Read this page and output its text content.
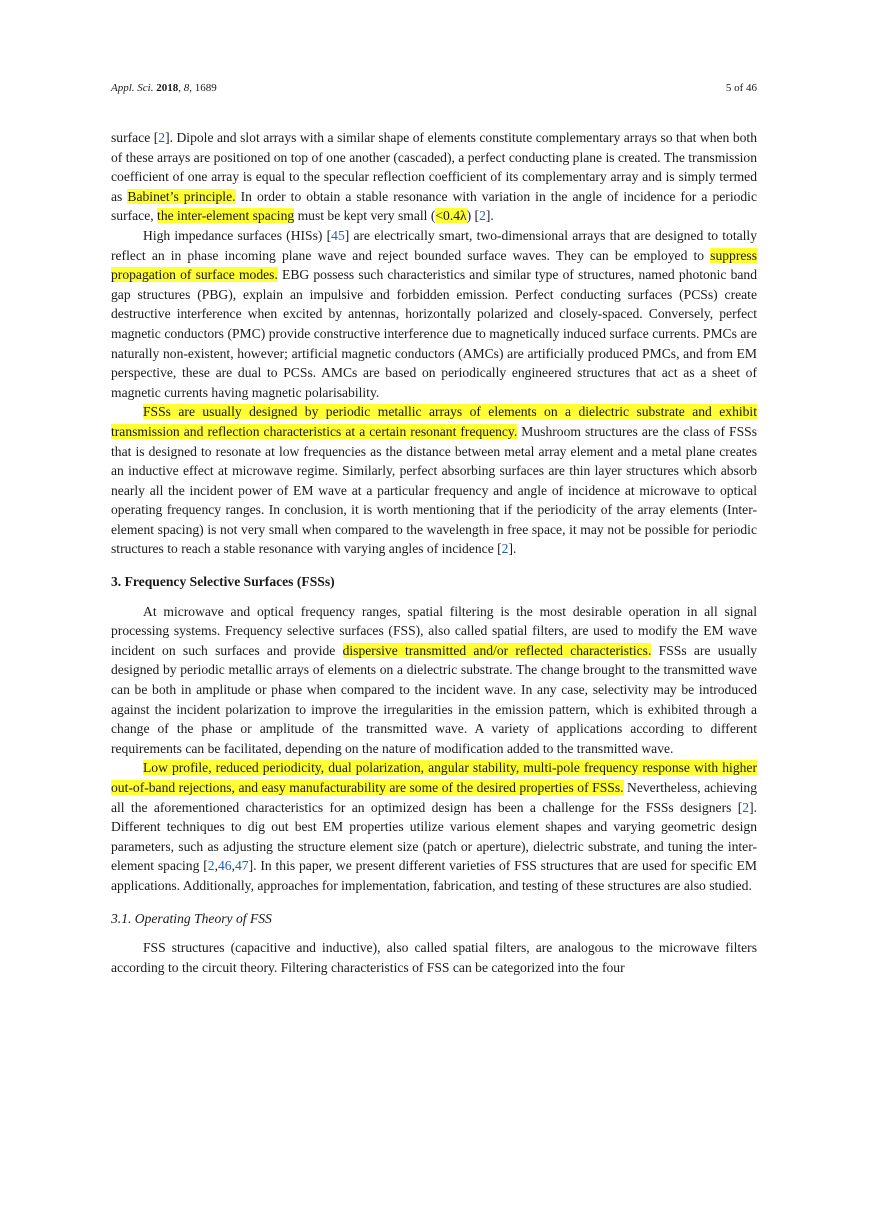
Appl. Sci. 2018, 8, 1689	5 of 46

surface [2]. Dipole and slot arrays with a similar shape of elements constitute complementary arrays so that when both of these arrays are positioned on top of one another (cascaded), a perfect conducting plane is created. The transmission coefficient of one array is equal to the specular reflection coefficient of its complementary array and is simply termed as Babinet’s principle. In order to obtain a stable resonance with variation in the angle of incidence for a periodic surface, the inter-element spacing must be kept very small (<0.4λ) [2].

High impedance surfaces (HISs) [45] are electrically smart, two-dimensional arrays that are designed to totally reflect an in phase incoming plane wave and reject bounded surface waves. They can be employed to suppress propagation of surface modes. EBG possess such characteristics and similar type of structures, named photonic band gap structures (PBG), explain an impulsive and forbidden emission. Perfect conducting surfaces (PCSs) create destructive interference when excited by antennas, horizontally polarized and closely-spaced. Conversely, perfect magnetic conductors (PMC) provide constructive interference due to magnetically induced surface currents. PMCs are naturally non-existent, however; artificial magnetic conductors (AMCs) are artificially produced PMCs, and from EM perspective, these are dual to PCSs. AMCs are based on periodically engineered structures that act as a sheet of magnetic currents having magnetic polarisability.

FSSs are usually designed by periodic metallic arrays of elements on a dielectric substrate and exhibit transmission and reflection characteristics at a certain resonant frequency. Mushroom structures are the class of FSSs that is designed to resonate at low frequencies as the distance between metal array element and a metal plane creates an inductive effect at microwave regime. Similarly, perfect absorbing surfaces are thin layer structures which absorb nearly all the incident power of EM wave at a particular frequency and angle of incidence at microwave to optical operating frequency ranges. In conclusion, it is worth mentioning that if the periodicity of the array elements (Inter-element spacing) is not very small when compared to the wavelength in free space, it may not be possible for periodic structures to reach a stable resonance with varying angles of incidence [2].

3. Frequency Selective Surfaces (FSSs)

At microwave and optical frequency ranges, spatial filtering is the most desirable operation in all signal processing systems. Frequency selective surfaces (FSS), also called spatial filters, are used to modify the EM wave incident on such surfaces and provide dispersive transmitted and/or reflected characteristics. FSSs are usually designed by periodic metallic arrays of elements on a dielectric substrate. The change brought to the transmitted wave can be both in amplitude or phase when compared to the incident wave. In any case, selectivity may be introduced against the incident polarization to improve the irregularities in the emission pattern, which is exhibited through a change of the phase or amplitude of the transmitted wave. A variety of applications according to different requirements can be facilitated, depending on the nature of modification added to the transmitted wave.

Low profile, reduced periodicity, dual polarization, angular stability, multi-pole frequency response with higher out-of-band rejections, and easy manufacturability are some of the desired properties of FSSs. Nevertheless, achieving all the aforementioned characteristics for an optimized design has been a challenge for the FSSs designers [2]. Different techniques to dig out best EM properties utilize various element shapes and varying geometric design parameters, such as adjusting the structure element size (patch or aperture), dielectric substrate, and tuning the inter-element spacing [2,46,47]. In this paper, we present different varieties of FSS structures that are used for specific EM applications. Additionally, approaches for implementation, fabrication, and testing of these structures are also studied.

3.1. Operating Theory of FSS

FSS structures (capacitive and inductive), also called spatial filters, are analogous to the microwave filters according to the circuit theory. Filtering characteristics of FSS can be categorized into the four
